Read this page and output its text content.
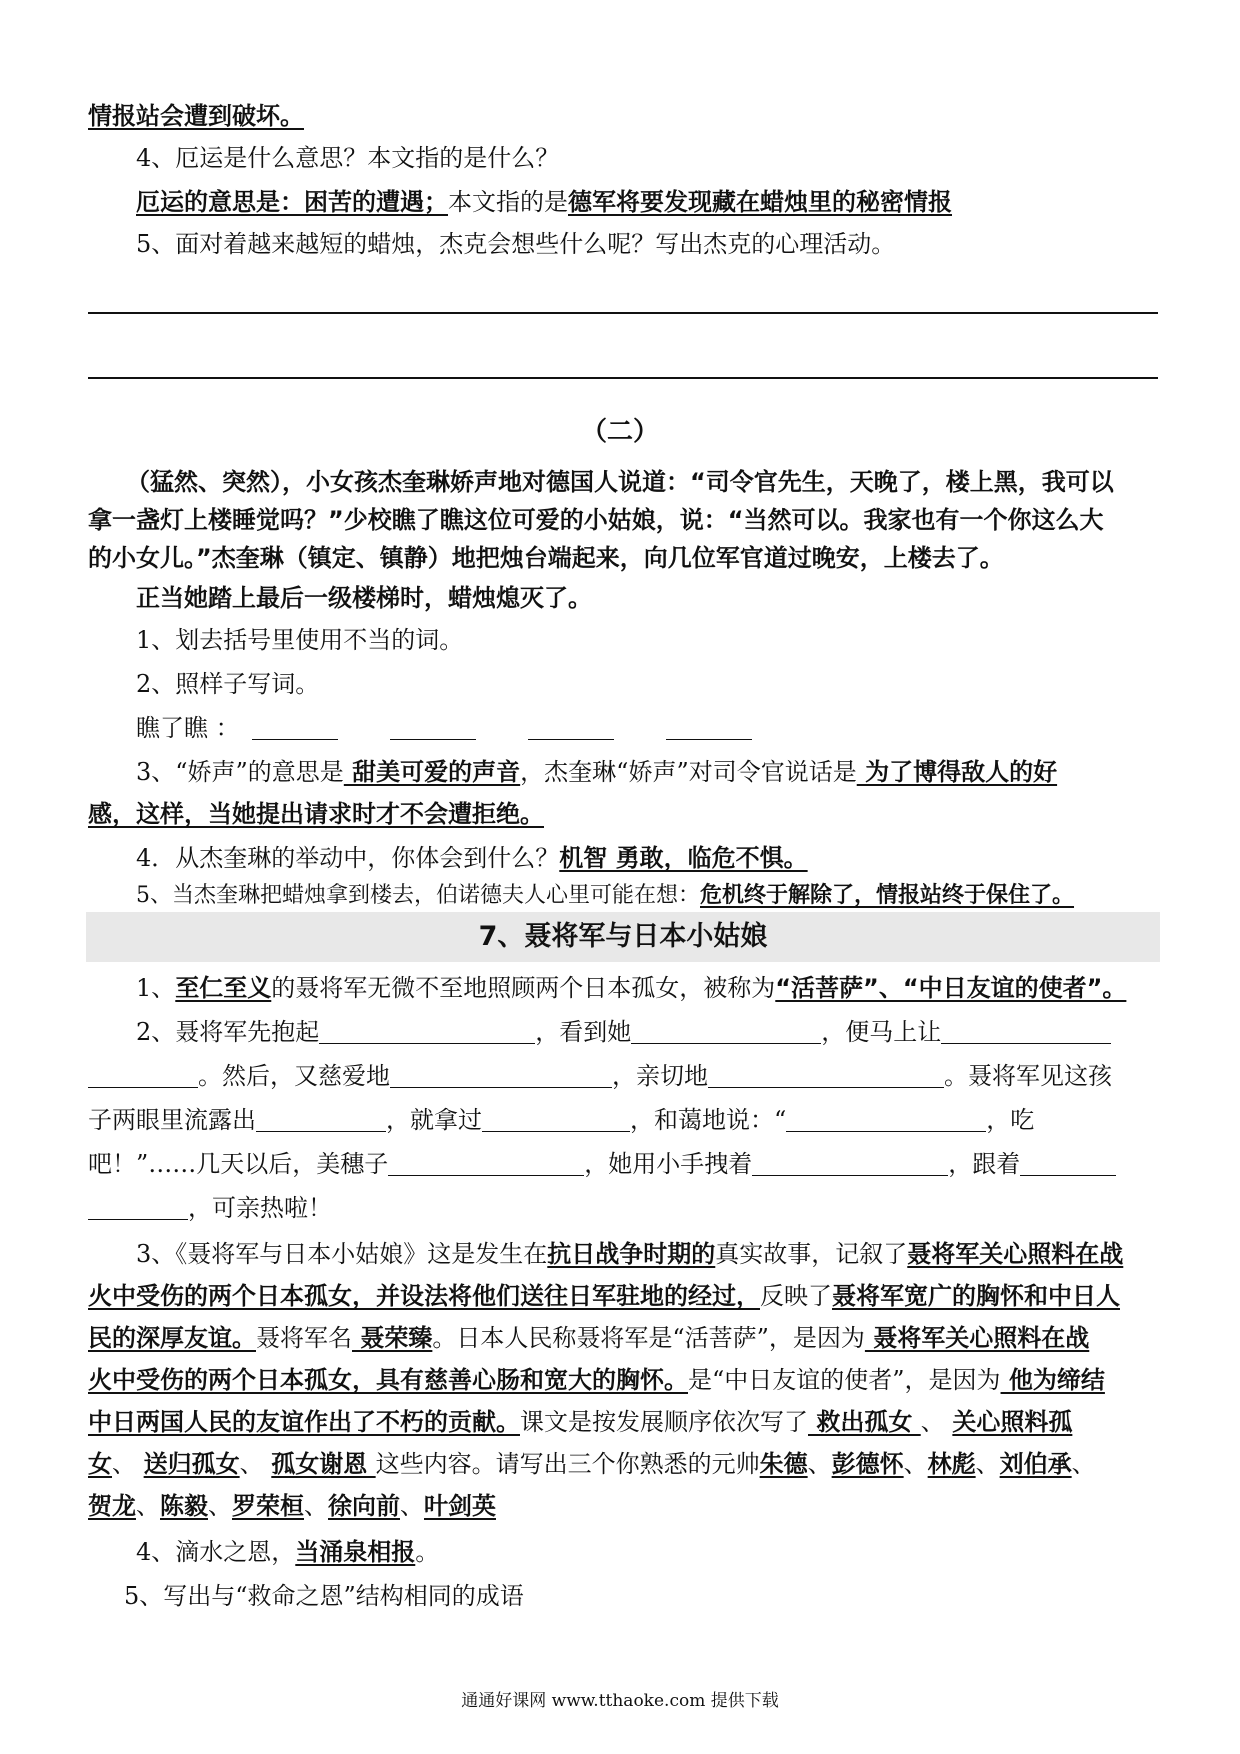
情报站会遭到破坏。
4、厄运是什么意思？本文指的是什么？
厄运的意思是：困苦的遭遇；本文指的是德军将要发现藏在蜡烛里的秘密情报
5、面对着越来越短的蜡烛，杰克会想些什么呢？写出杰克的心理活动。
（二）
（猛然、突然），小女孩杰奎琳娇声地对德国人说道：“司令官先生，天晚了，楼上黑，我可以
拿一盏灯上楼睡觉吗？”少校瞧了瞧这位可爱的小姑娘，说：“当然可以。我家也有一个你这么大
的小女儿。”杰奎琳（镇定、镇静）地把烛台端起来，向几位军官道过晚安，上楼去了。
正当她踏上最后一级楼梯时，蜡烛熄灭了。
1、划去括号里使用不当的词。
2、照样子写词。
瞧了瞧 ：
3、“娇声”的意思是 甜美可爱的声音，杰奎琳“娇声”对司令官说话是 为了博得敌人的好
感，这样，当她提出请求时才不会遭拒绝。
4．从杰奎琳的举动中，你体会到什么？机智 勇敢，临危不惧。
5、当杰奎琳把蜡烛拿到楼去，伯诺德夫人心里可能在想：危机终于解除了，情报站终于保住了。
7、聂将军与日本小姑娘
1、至仁至义的聂将军无微不至地照顾两个日本孤女，被称为“活菩萨”、“中日友谊的使者”。
2、聂将军先抱起	，看到她	，便马上让
。然后，又慈爱地	，亲切地	。聂将军见这孩
子两眼里流露出	，就拿过	，和蔼地说：“	，吃
吧！”……几天以后，美穗子	，她用小手拽着	，跟着
，可亲热啦！
3、《聂将军与日本小姑娘》这是发生在抗日战争时期的真实故事，记叙了聂将军关心照料在战
火中受伤的两个日本孤女，并设法将他们送往日军驻地的经过，反映了聂将军宽广的胸怀和中日人
民的深厚友谊。聂将军名 聂荣臻。日本人民称聂将军是“活菩萨”，是因为 聂将军关心照料在战
火中受伤的两个日本孤女，具有慈善心肠和宽大的胸怀。是“中日友谊的使者”，是因为 他为缔结
中日两国人民的友谊作出了不朽的贡献。课文是按发展顺序依次写了 救出孤女 、 关心照料孤
女、 送归孤女、 孤女谢恩 这些内容。请写出三个你熟悉的元帅朱德、彭德怀、林彪、刘伯承、
贺龙、陈毅、罗荣桓、徐向前、叶剑英
4、滴水之恩，当涌泉相报。
5、写出与“救命之恩”结构相同的成语
通通好课网 www.tthaoke.com 提供下载
